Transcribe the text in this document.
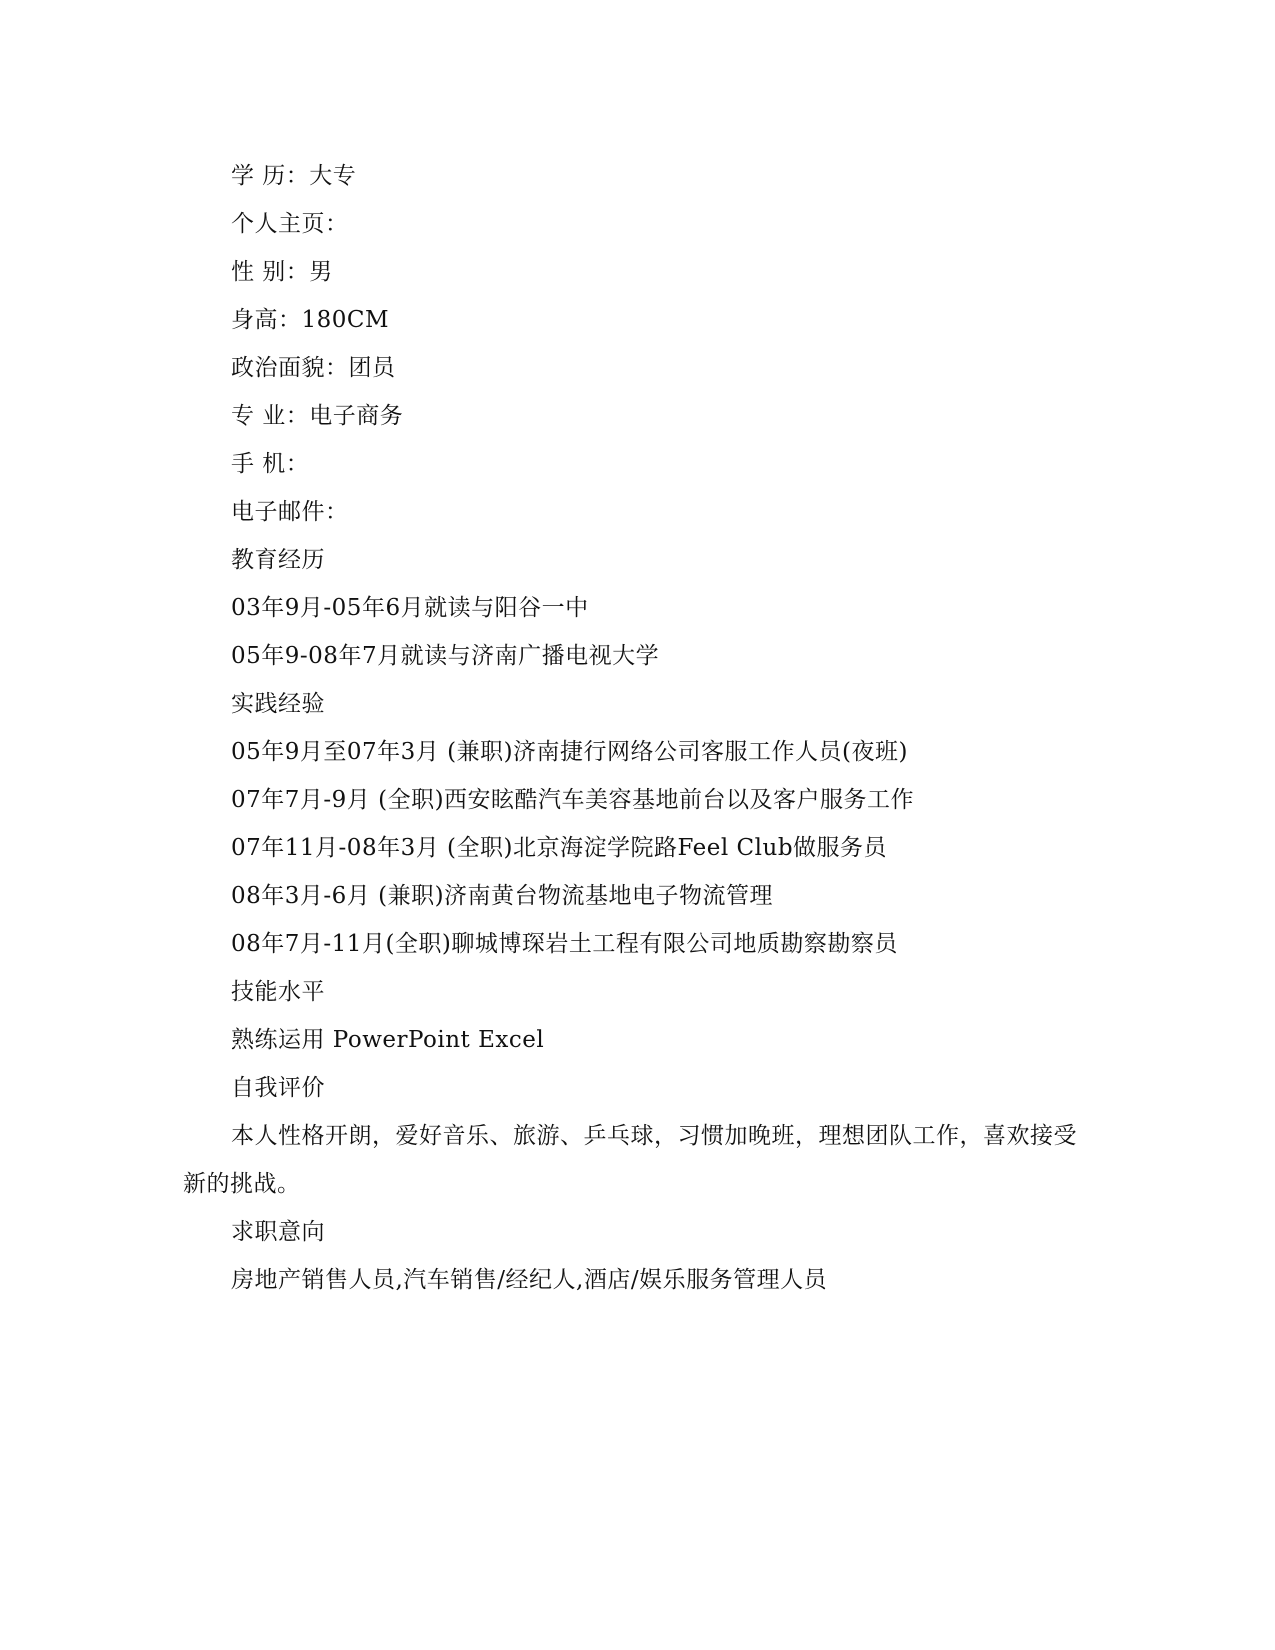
学 历：大专
个人主页：
性 别：男
身高：180CM
政治面貌：团员
专 业：电子商务
手 机：
电子邮件：
教育经历
03年9月-05年6月就读与阳谷一中
05年9-08年7月就读与济南广播电视大学
实践经验
05年9月至07年3月 (兼职)济南捷行网络公司客服工作人员(夜班)
07年7月-9月 (全职)西安眩酷汽车美容基地前台以及客户服务工作
07年11月-08年3月 (全职)北京海淀学院路Feel Club做服务员
08年3月-6月 (兼职)济南黄台物流基地电子物流管理
08年7月-11月(全职)聊城博琛岩土工程有限公司地质勘察勘察员
技能水平
熟练运用 PowerPoint Excel
自我评价
本人性格开朗，爱好音乐、旅游、乒乓球，习惯加晚班，理想团队工作，喜欢接受新的挑战。
求职意向
房地产销售人员,汽车销售/经纪人,酒店/娱乐服务管理人员
